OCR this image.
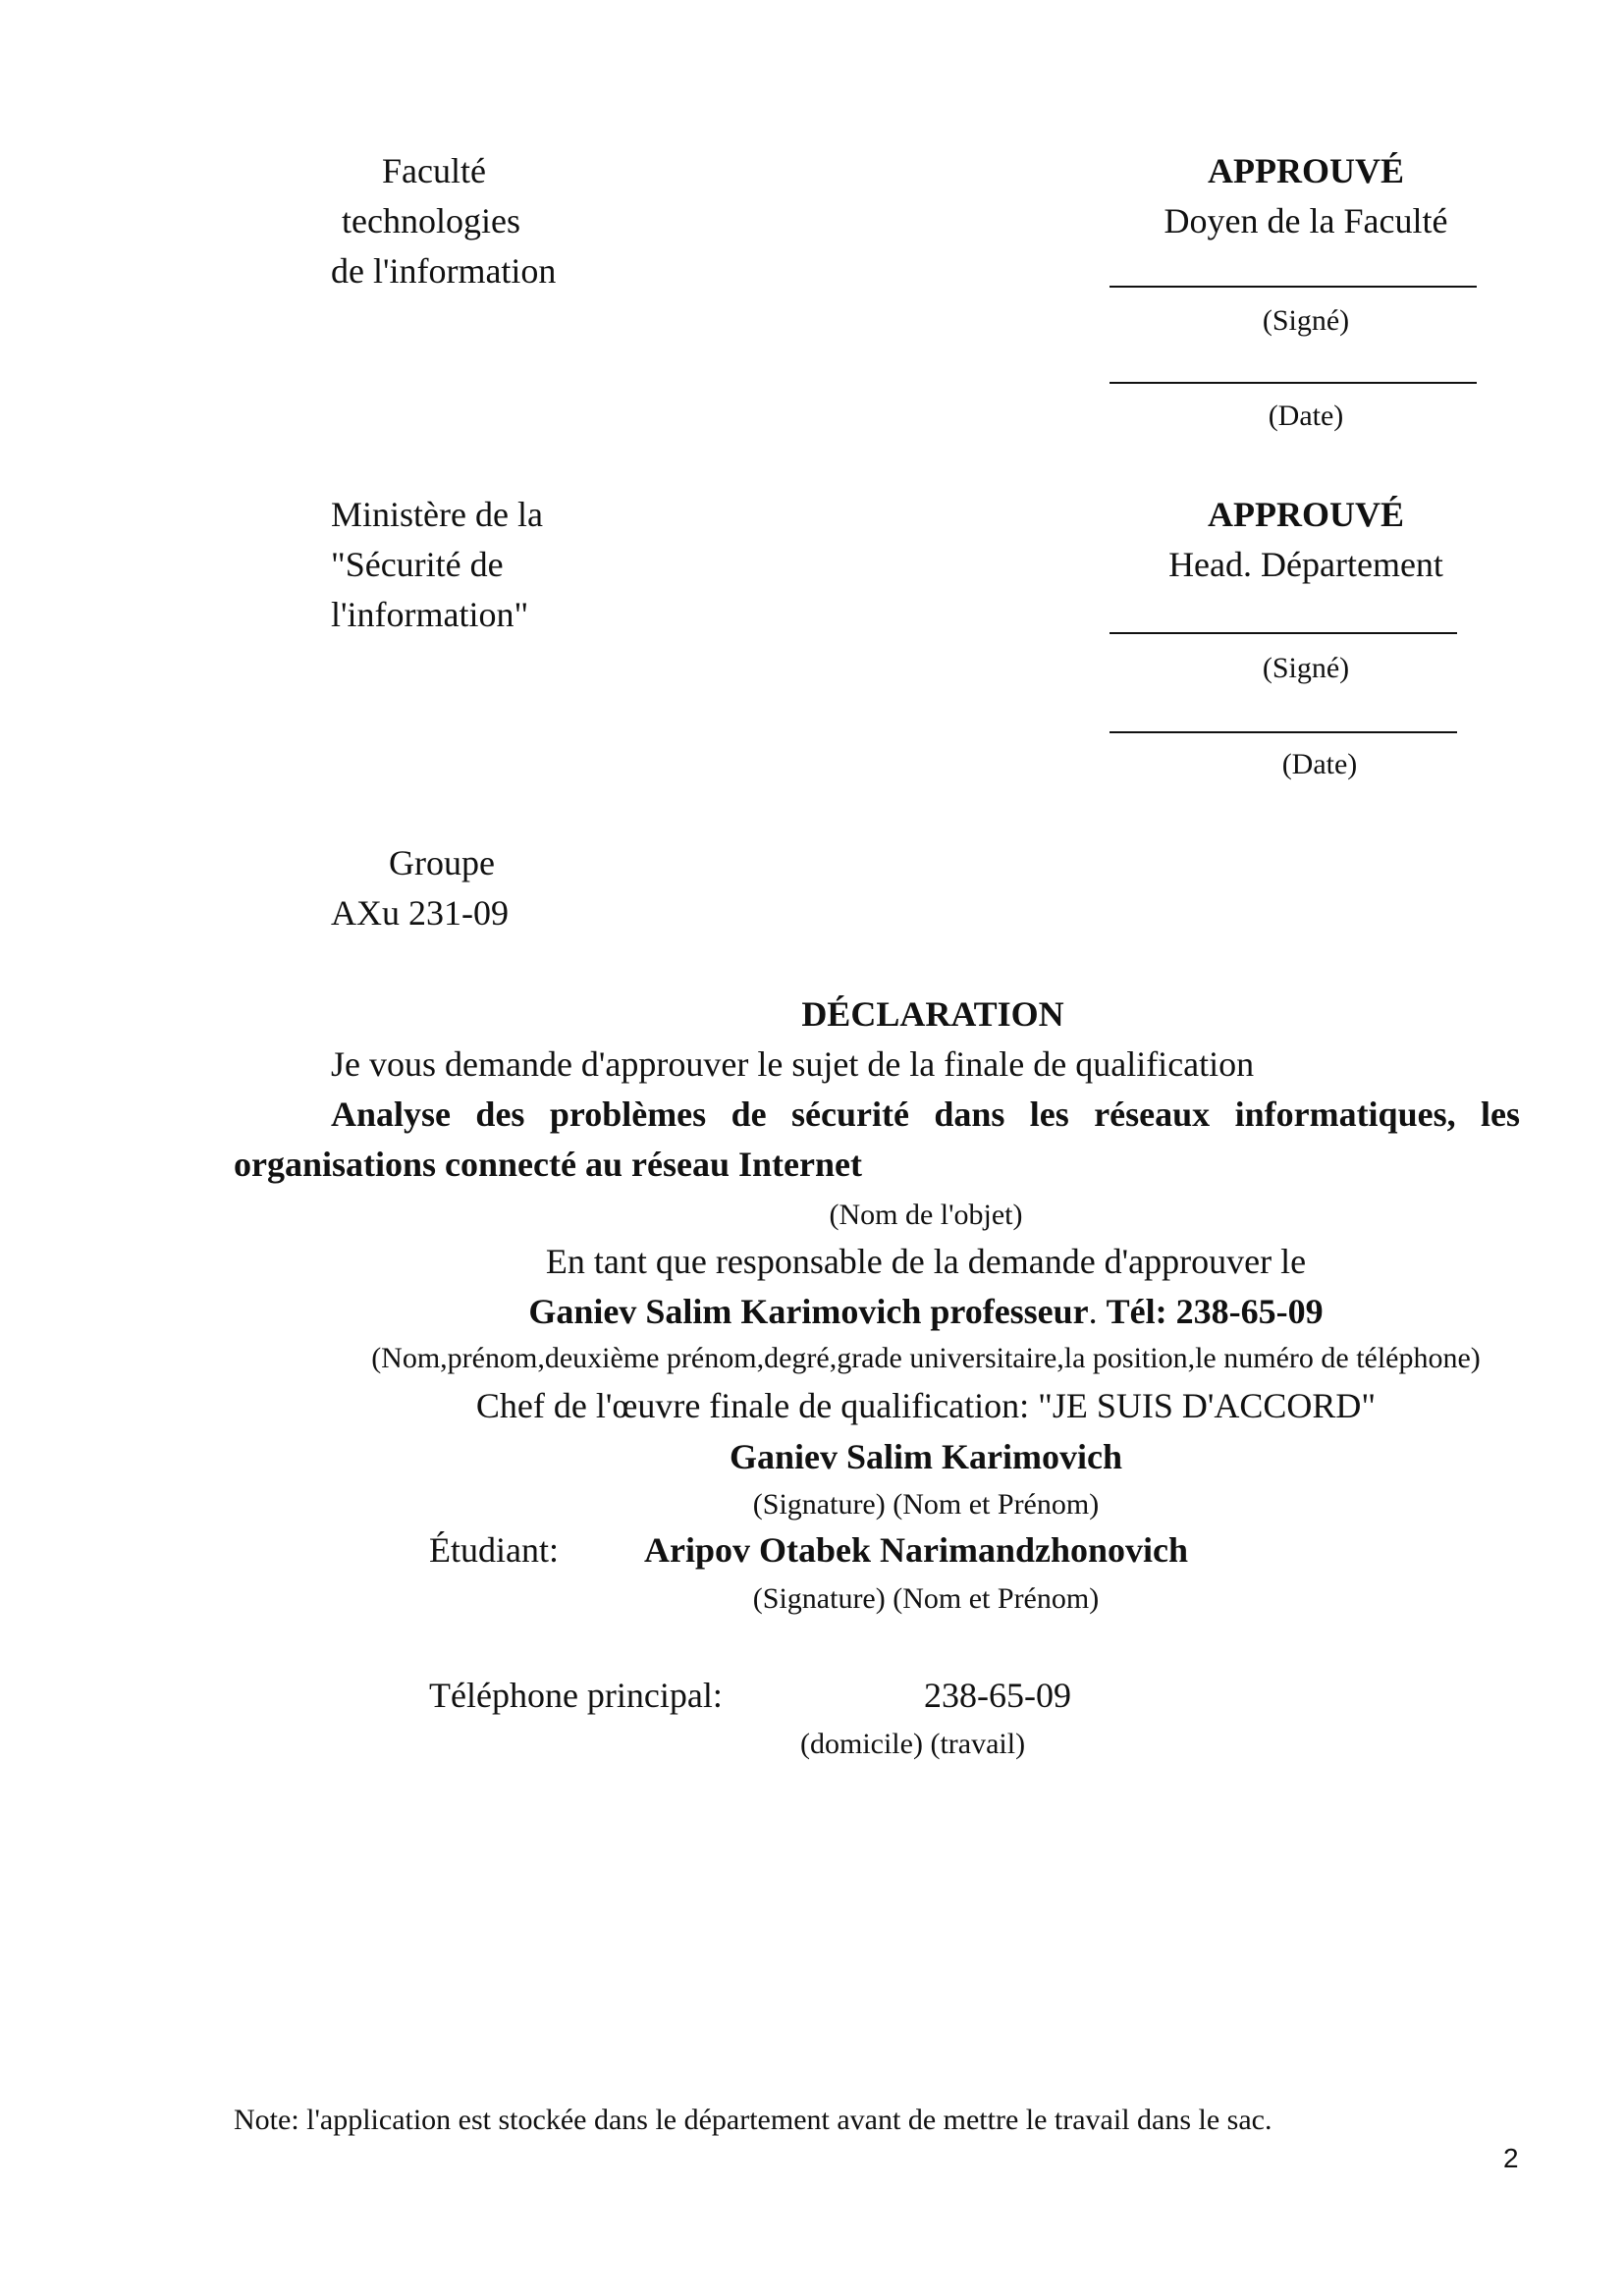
Faculté
technologies
de l'information
APPROUVÉ
Doyen de la Faculté
(Signé)
(Date)
Ministère de la
"Sécurité de
l'information"
APPROUVÉ
Head. Département
(Signé)
(Date)
Groupe
AXu 231-09
DÉCLARATION
Je vous demande d'approuver le sujet de la finale de qualification
Analyse des problèmes de sécurité dans les réseaux informatiques, les organisations connecté au réseau Internet
(Nom de l'objet)
En tant que responsable de la demande d'approuver le
Ganiev Salim Karimovich professeur. Tél: 238-65-09
(Nom,prénom,deuxième prénom,degré,grade universitaire,la position,le numéro de téléphone)
Chef de l'œuvre finale de qualification: "JE SUIS D'ACCORD"
Ganiev Salim Karimovich
(Signature) (Nom et Prénom)
Étudiant: Aripov Otabek Narimandzhonovich
(Signature) (Nom et Prénom)
Téléphone principal:	238-65-09
(domicile) (travail)
Note: l'application est stockée dans le département avant de mettre le travail dans le sac.
2
